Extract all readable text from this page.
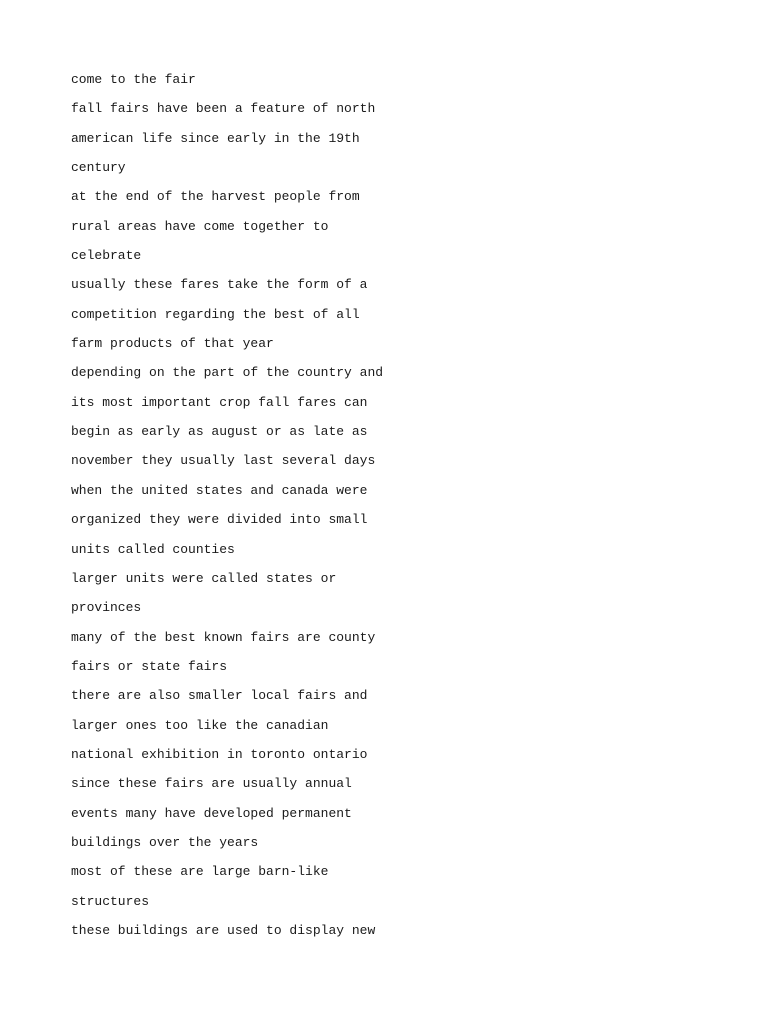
come to the fair
fall fairs have been a feature of north
american life since early in the 19th
century
at the end of the harvest people from
rural areas have come together to
celebrate
usually these fares take the form of a
competition regarding the best of all
farm products of that year
depending on the part of the country and
its most important crop fall fares can
begin as early as august or as late as
november they usually last several days
when the united states and canada were
organized they were divided into small
units called counties
larger units were called states or
provinces
many of the best known fairs are county
fairs or state fairs
there are also smaller local fairs and
larger ones too like the canadian
national exhibition in toronto ontario
since these fairs are usually annual
events many have developed permanent
buildings over the years
most of these are large barn-like
structures
these buildings are used to display new
